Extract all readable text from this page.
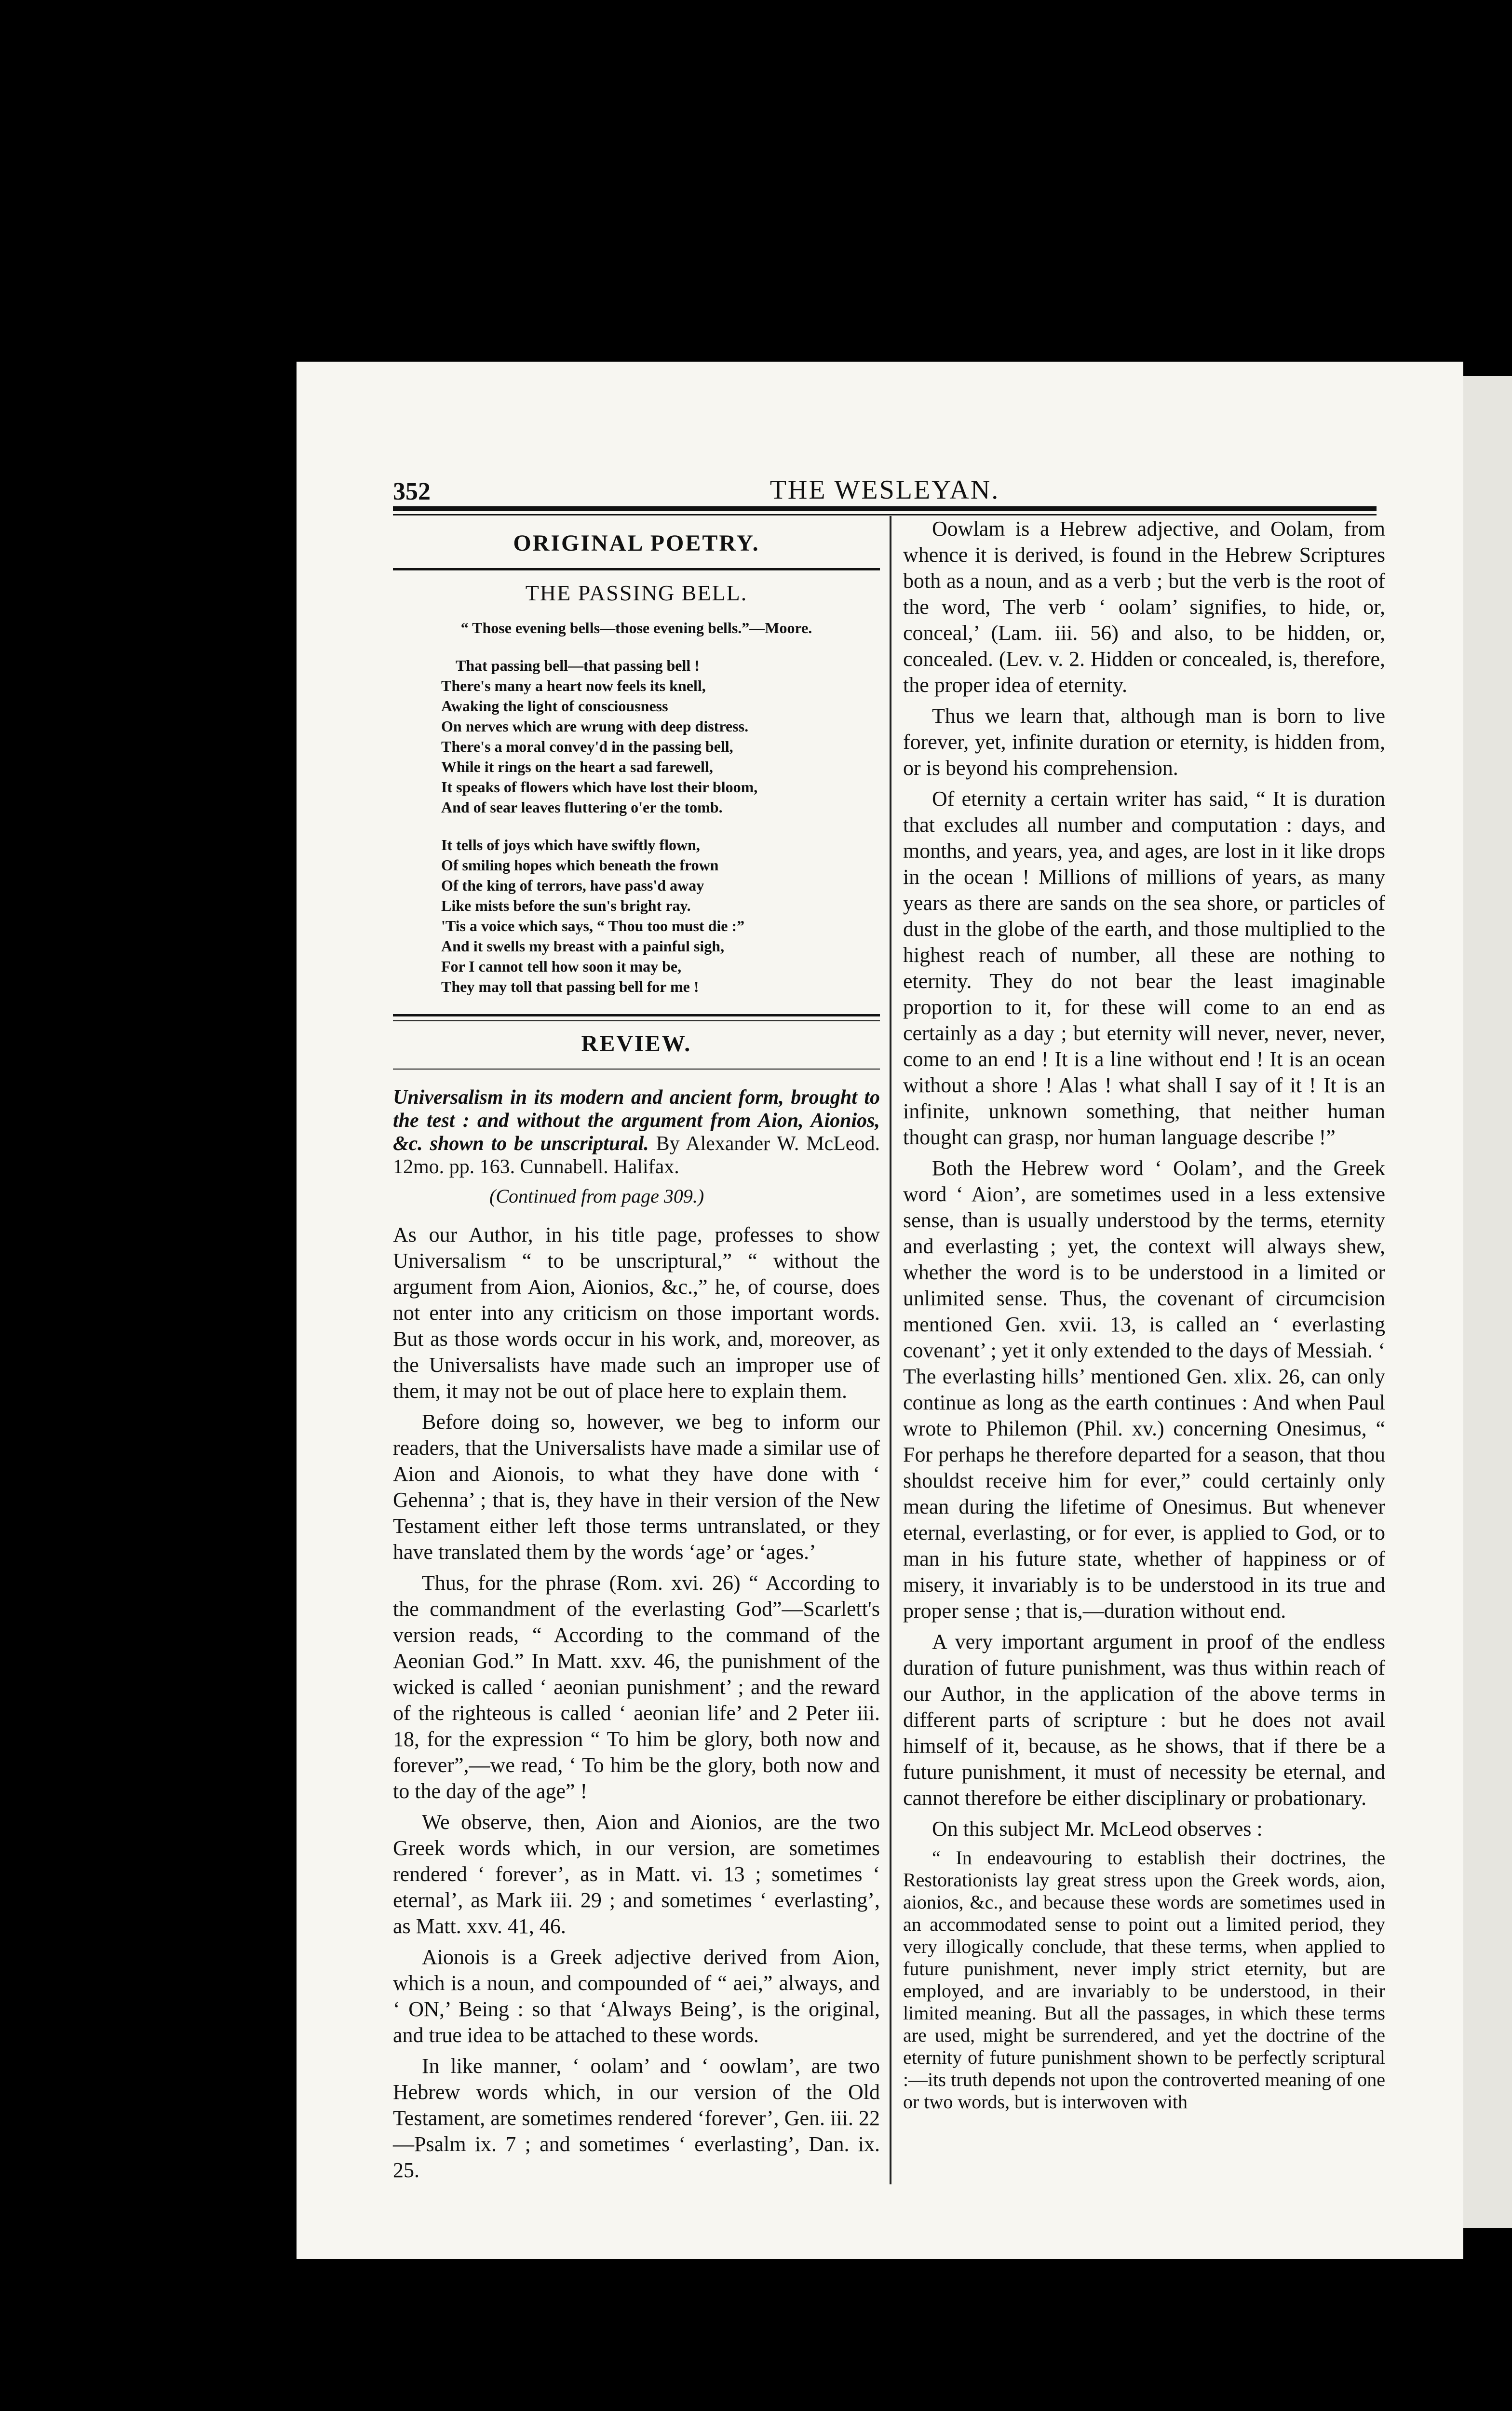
352	THE WESLEYAN.
ORIGINAL POETRY.
THE PASSING BELL.
“ Those evening bells—those evening bells.”—Moore.
That passing bell—that passing bell !
There's many a heart now feels its knell,
Awaking the light of consciousness
On nerves which are wrung with deep distress.
There's a moral convey'd in the passing bell,
While it rings on the heart a sad farewell,
It speaks of flowers which have lost their bloom,
And of sear leaves fluttering o'er the tomb.
It tells of joys which have swiftly flown,
Of smiling hopes which beneath the frown
Of the king of terrors, have pass'd away
Like mists before the sun's bright ray.
'Tis a voice which says, “ Thou too must die :”
And it swells my breast with a painful sigh,
For I cannot tell how soon it may be,
They may toll that passing bell for me !
REVIEW.
Universalism in its modern and ancient form, brought to the test : and without the argument from Aion, Aionios, &c. shown to be unscriptural. By Alexander W. McLeod. 12mo. pp. 163. Cunnabell. Halifax.
(Continued from page 309.)

As our Author, in his title page, professes to show Universalism “ to be unscriptural,” “ without the argument from Aion, Aionios, &c.,” he, of course, does not enter into any criticism on those important words. But as those words occur in his work, and, moreover, as the Universalists have made such an improper use of them, it may not be out of place here to explain them.

Before doing so, however, we beg to inform our readers, that the Universalists have made a similar use of Aion and Aionois, to what they have done with ‘ Gehenna’ ; that is, they have in their version of the New Testament either left those terms untranslated, or they have translated them by the words ‘age’ or ‘ages.’

Thus, for the phrase (Rom. xvi. 26) “ According to the commandment of the everlasting God”—Scarlett's version reads, “ According to the command of the Aeonian God.” In Matt. xxv. 46, the punishment of the wicked is called ‘ aeonian punishment’ ; and the reward of the righteous is called ‘ aeonian life’ and 2 Peter iii. 18, for the expression “ To him be glory, both now and forever”,—we read, ‘ To him be the glory, both now and to the day of the age” !

We observe, then, Aion and Aionios, are the two Greek words which, in our version, are sometimes rendered ‘ forever’, as in Matt. vi. 13 ; sometimes ‘ eternal’, as Mark iii. 29 ; and sometimes ‘ everlasting’, as Matt. xxv. 41, 46.

Aionois is a Greek adjective derived from Aion, which is a noun, and compounded of “ aei,” always, and ‘ ON,’ Being : so that ‘Always Being’, is the original, and true idea to be attached to these words.

In like manner, ‘ oolam’ and ‘ oowlam’, are two Hebrew words which, in our version of the Old Testament, are sometimes rendered ‘forever’, Gen. iii. 22—Psalm ix. 7 ; and sometimes ‘ everlasting’, Dan. ix. 25.

Oowlam is a Hebrew adjective, and Oolam, from whence it is derived, is found in the Hebrew Scriptures both as a noun, and as a verb ; but the verb is the root of the word, The verb ‘ oolam’ signifies, to hide, or, conceal,’ (Lam. iii. 56) and also, to be hidden, or, concealed. (Lev. v. 2. Hidden or concealed, is, therefore, the proper idea of eternity.

Thus we learn that, although man is born to live forever, yet, infinite duration or eternity, is hidden from, or is beyond his comprehension.

Of eternity a certain writer has said, “ It is duration that excludes all number and computation : days, and months, and years, yea, and ages, are lost in it like drops in the ocean ! Millions of millions of years, as many years as there are sands on the sea shore, or particles of dust in the globe of the earth, and those multiplied to the highest reach of number, all these are nothing to eternity. They do not bear the least imaginable proportion to it, for these will come to an end as certainly as a day ; but eternity will never, never, never, come to an end ! It is a line without end ! It is an ocean without a shore ! Alas ! what shall I say of it ! It is an infinite, unknown something, that neither human thought can grasp, nor human language describe !”

Both the Hebrew word ‘ Oolam’, and the Greek word ‘ Aion’, are sometimes used in a less extensive sense, than is usually understood by the terms, eternity and everlasting ; yet, the context will always shew, whether the word is to be understood in a limited or unlimited sense. Thus, the covenant of circumcision mentioned Gen. xvii. 13, is called an ‘ everlasting covenant’ ; yet it only extended to the days of Messiah. ‘ The everlasting hills’ mentioned Gen. xlix. 26, can only continue as long as the earth continues : And when Paul wrote to Philemon (Phil. xv.) concerning Onesimus, “ For perhaps he therefore departed for a season, that thou shouldst receive him for ever,” could certainly only mean during the lifetime of Onesimus. But whenever eternal, everlasting, or for ever, is applied to God, or to man in his future state, whether of happiness or of misery, it invariably is to be understood in its true and proper sense ; that is,—duration without end.

A very important argument in proof of the endless duration of future punishment, was thus within reach of our Author, in the application of the above terms in different parts of scripture : but he does not avail himself of it, because, as he shows, that if there be a future punishment, it must of necessity be eternal, and cannot therefore be either disciplinary or probationary.

On this subject Mr. McLeod observes :

“ In endeavouring to establish their doctrines, the Restorationists lay great stress upon the Greek words, aion, aionios, &c., and because these words are sometimes used in an accommodated sense to point out a limited period, they very illogically conclude, that these terms, when applied to future punishment, never imply strict eternity, but are employed, and are invariably to be understood, in their limited meaning. But all the passages, in which these terms are used, might be surrendered, and yet the doctrine of the eternity of future punishment shown to be perfectly scriptural :—its truth depends not upon the controverted meaning of one or two words, but is interwoven with
